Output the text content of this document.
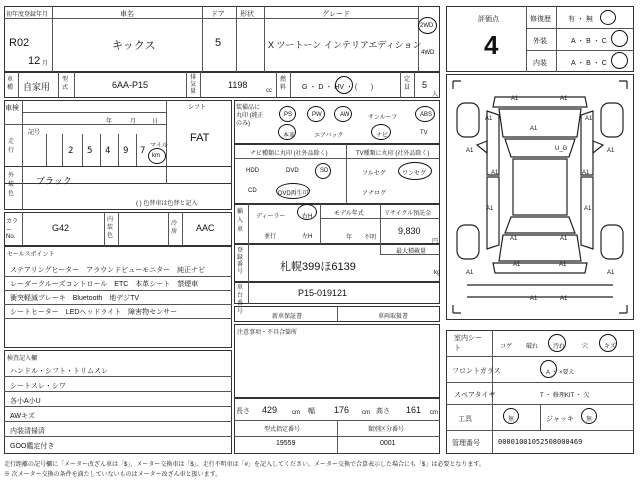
初年度登録年月
R02
12 月
車名
キックス
ドア
5
形状	グレード
X ツートーン インテリアエディション
2WD
4WD
評価点
4
修復歴 有 ・ 無
外装	A ・ B ・ C
内装	A ・ B ・ C
車種 自家用
型式	6AA-P15
排気量
1198
cc
燃料 G ・ D ・ HV ・ (       )
定員 5
人
車検
年	月	日
シフト
FAT
記号
走行	2 5 4 9 7 マイル
km
外装色
ブラック
( ) 色替車は色替と記入
カラーNo.
G42
内装色
冷房 AAC
セールスポイント
ステアリングヒーター　アラウンドビューモニター　純正ナビ
レーダークルーズコントロール　ETC　本革シート　禁煙車
衝突軽減ブレーキ　Bluetooth　地デジTV
シートヒーター　LEDヘッドライト　障害物センサー
検査記入欄
ハンドル・シフト・トリムスレ
シートスレ・シワ
各小A小U
AWキズ
内装清掃済
GOO鑑定付き
装備品に丸印 (純正のみ)
PS	PW	AW	サンルーフ	ABS
本革	エアバック	ナビ	TV
ナビ種類に丸印 (社外品除く)	TV種類に丸印 (社外品除く)
HDD	DVD	SD
CD	DVD再生可
フルセグ	ワンセグ
アナログ
輸入車
ディーラー	右H
並行	左H
モデル年式
年 不明
リサイクル預託金
9,830
円
登録番号
最大積載量
札幌399ほ6139	kg
車台番号
P15-019121
新車保証書	車両取扱書
注意事項・不具合箇所
長さ 429 cm 幅 176 cm 高さ 161 cm
型式指定番号
19559
類別区分番号
0001
A1	A1
A1
A1	A1
A1	A1
A1	A1
A1	A1
A1	A1
A1	A1
A1	A1
A1	A1
U_G
室内シート	コゲ 破れ 汚れ	穴	キズ
フロントガラス	A ・ ×要え
スペアタイヤ	T ・ 修理KIT ・ 欠
工具	無	ジャッキ 無
管理番号	00001001052508000469
走行距離の記号欄に「メーター改ざん車は「$」、メーター交換車は「$」、走行不明車は「#」を記入してください。メーター交換で合算表示した場合にも「$」は必要となります。
※ 次メーター交換の条件を満たしていないものはメーター改ざん車と扱います。
